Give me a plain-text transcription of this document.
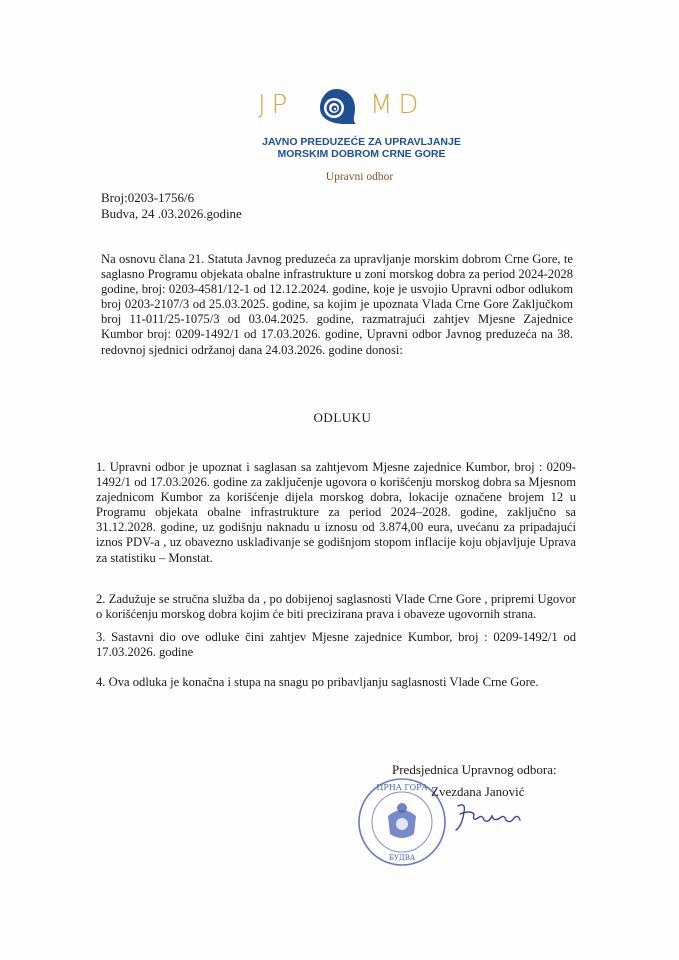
JP	MD
JAVNO PREDUZEĆE ZA UPRAVLJANJE
MORSKIM DOBROM CRNE GORE
Upravni odbor
Broj:0203-1756/6
Budva, 24 .03.2026.godine
Na osnovu člana 21. Statuta Javnog preduzeća za upravljanje morskim dobrom Crne Gore, te saglasno Programu objekata obalne infrastrukture u zoni morskog dobra za period 2024-2028 godine, broj: 0203-4581/12-1 od 12.12.2024. godine, koje je usvojio Upravni odbor odlukom broj 0203-2107/3 od 25.03.2025. godine, sa kojim je upoznata Vlada Crne Gore Zaključkom broj 11-011/25-1075/3 od 03.04.2025. godine, razmatrajući zahtjev Mjesne Zajednice Kumbor broj: 0209-1492/1 od 17.03.2026. godine, Upravni odbor Javnog preduzeća na 38. redovnoj sjednici održanoj dana 24.03.2026. godine donosi:
ODLUKU
1. Upravni odbor je upoznat i saglasan sa zahtjevom Mjesne zajednice Kumbor, broj : 0209-1492/1 od 17.03.2026. godine za zaključenje ugovora o korišćenju morskog dobra sa Mjesnom zajednicom Kumbor za korišćenje dijela morskog dobra, lokacije označene brojem 12 u Programu objekata obalne infrastrukture za period 2024–2028. godine, zaključno sa 31.12.2028. godine, uz godišnju naknadu u iznosu od 3.874,00 eura, uvećanu za pripadajući iznos PDV-a , uz obavezno usklađivanje se godišnjom stopom inflacije koju objavljuje Uprava za statistiku – Monstat.
2. Zadužuje se stručna služba da , po dobijenoj saglasnosti Vlade Crne Gore , pripremi Ugovor o korišćenju morskog dobra kojim će biti precizirana prava i obaveze ugovornih strana.
3. Sastavni dio ove odluke čini zahtjev Mjesne zajednice Kumbor, broj : 0209-1492/1 od 17.03.2026. godine
4. Ova odluka je konačna i stupa na snagu po pribavljanju saglasnosti Vlade Crne Gore.
Predsjednica Upravnog odbora:
ЦРНА ГОРА
БУДВА
Zvezdana Janović
